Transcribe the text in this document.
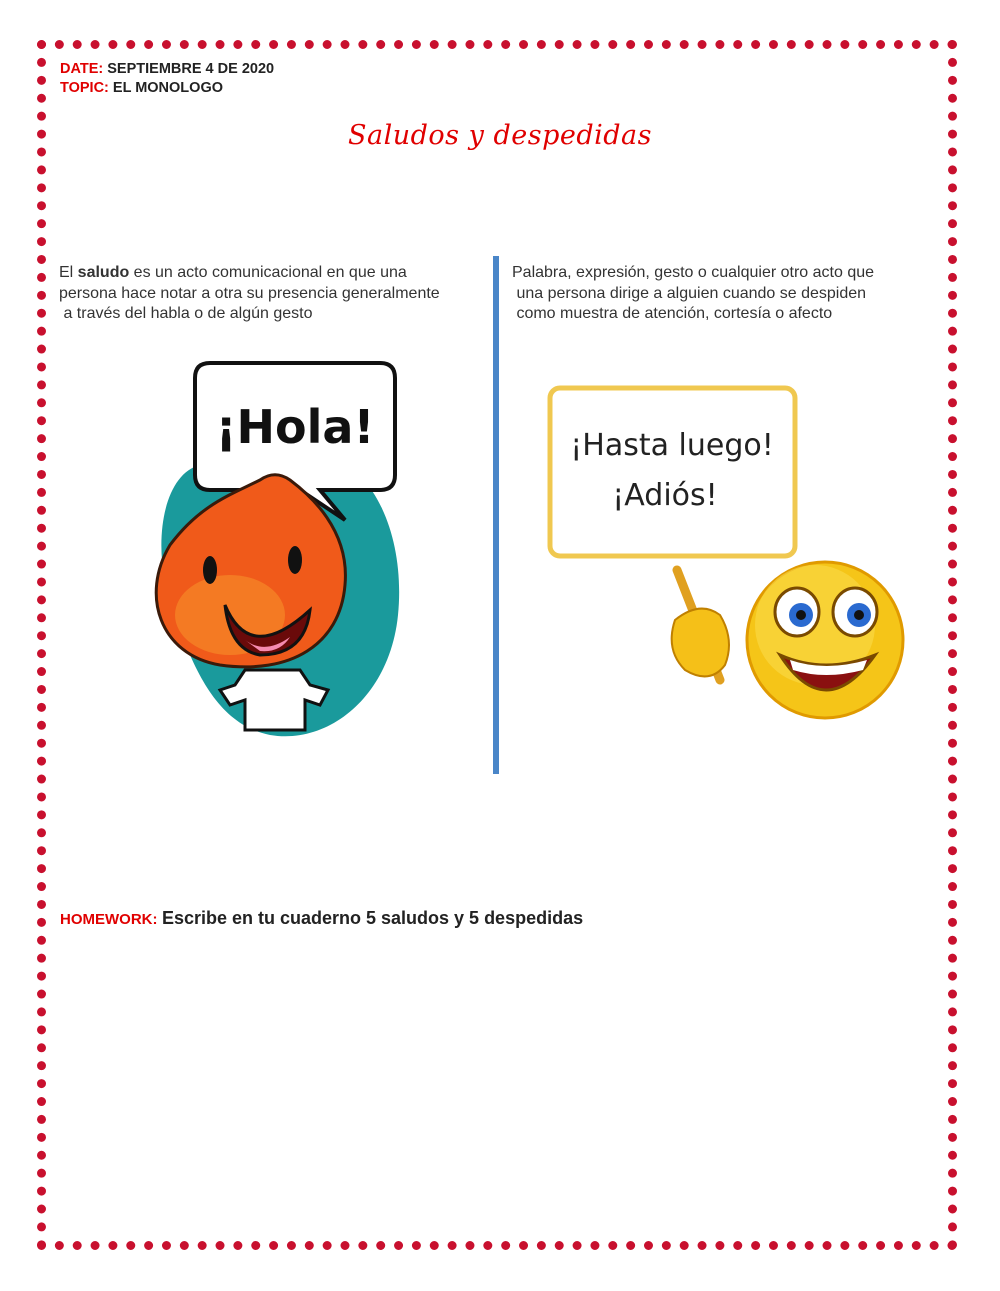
DATE: SEPTIEMBRE 4 DE 2020
TOPIC: EL MONOLOGO
Saludos y despedidas
El saludo es un acto comunicacional en que una
persona hace notar a otra su presencia generalmente
a través del habla o de algún gesto
Palabra, expresión, gesto o cualquier otro acto que
una persona dirige a alguien cuando se despiden
como muestra de atención, cortesía o afecto
¡Hola!	¡Hasta luego!
¡Adiós!
HOMEWORK: Escribe en tu cuaderno 5 saludos y 5 despedidas
